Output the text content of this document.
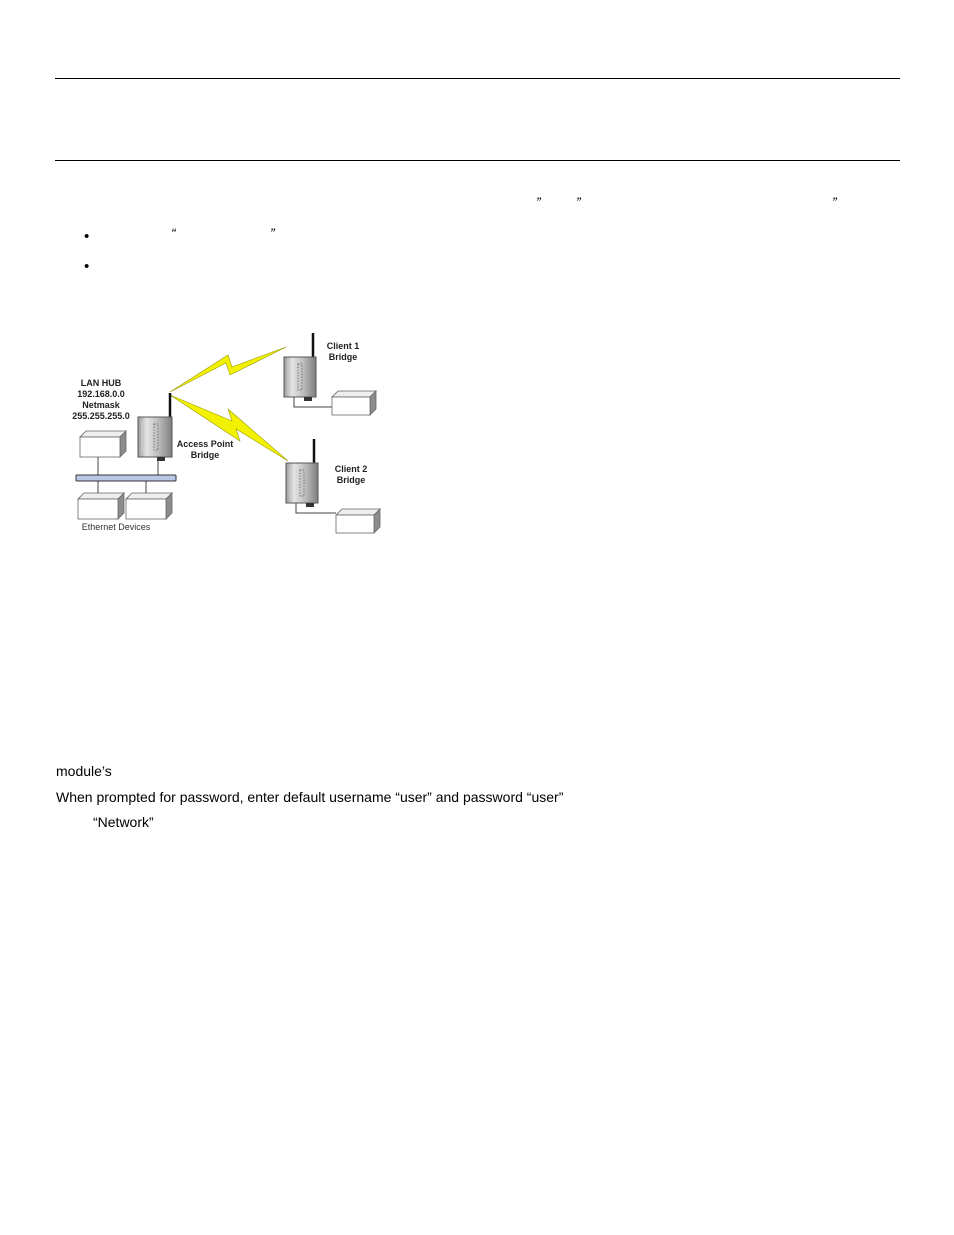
”	”	”
•	“	”
•
LAN HUB
192.168.0.0
Netmask
255.255.255.0
Access Point
Bridge
Client 1
Bridge
Client 2
Bridge
Ethernet Devices
module’s
When prompted for password, enter default username “user” and password “user”
“Network”
